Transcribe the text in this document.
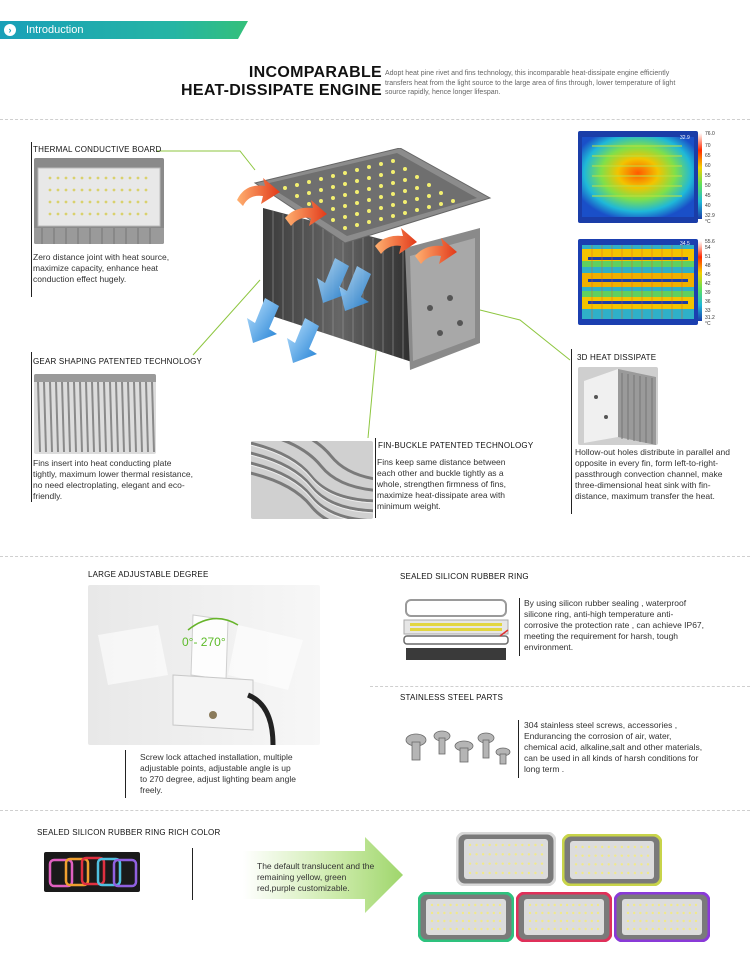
›	Introduction
INCOMPARABLE
HEAT-DISSIPATE ENGINE
Adopt heat pine rivet and fins technology, this incomparable heat-dissipate engine efficiently transfers heat from the light source to the large area of fins through, lower temperature of light source rapidly, hence longer lifespan.
THERMAL CONDUCTIVE BOARD
Zero distance joint with heat source, maximize capacity, enhance heat conduction effect hugely.
32.9
76.0
70
65
60
55
50
45
40
32.9
°C
34.5	55.6
54
51
48
45
42
39
36
33
31.2
°C
GEAR SHAPING PATENTED TECHNOLOGY
Fins insert into heat conducting plate tightly, maximum lower thermal resistance, no need electroplating, elegant and eco-friendly.
FIN-BUCKLE PATENTED TECHNOLOGY
Fins keep same distance between each other and buckle tightly as a whole, strengthen firmness of fins, maximize heat-dissipate area with minimum weight.
3D HEAT DISSIPATE
Hollow-out holes distribute in parallel and opposite in every fin, form left-to-right-passthrough convection channel, make three-dimensional heat sink with fin-distance, maximum transfer the heat.
LARGE ADJUSTABLE DEGREE
0°- 270°
Screw lock attached installation, multiple adjustable points, adjustable angle is up to 270 degree, adjust lighting beam angle freely.
SEALED SILICON RUBBER RING
By using silicon rubber sealing , waterproof silicone ring, anti-high temperature anti-corrosive the protection rate , can achieve IP67, meeting the requirement for harsh, tough environment.
STAINLESS STEEL PARTS
304 stainless steel screws, accessories , Endurancing the corrosion of air, water, chemical acid, alkaline,salt and other materials, can be used in all kinds of harsh conditions for long term .
SEALED SILICON RUBBER RING RICH COLOR
The default translucent and the remaining yellow, green red,purple customizable.
